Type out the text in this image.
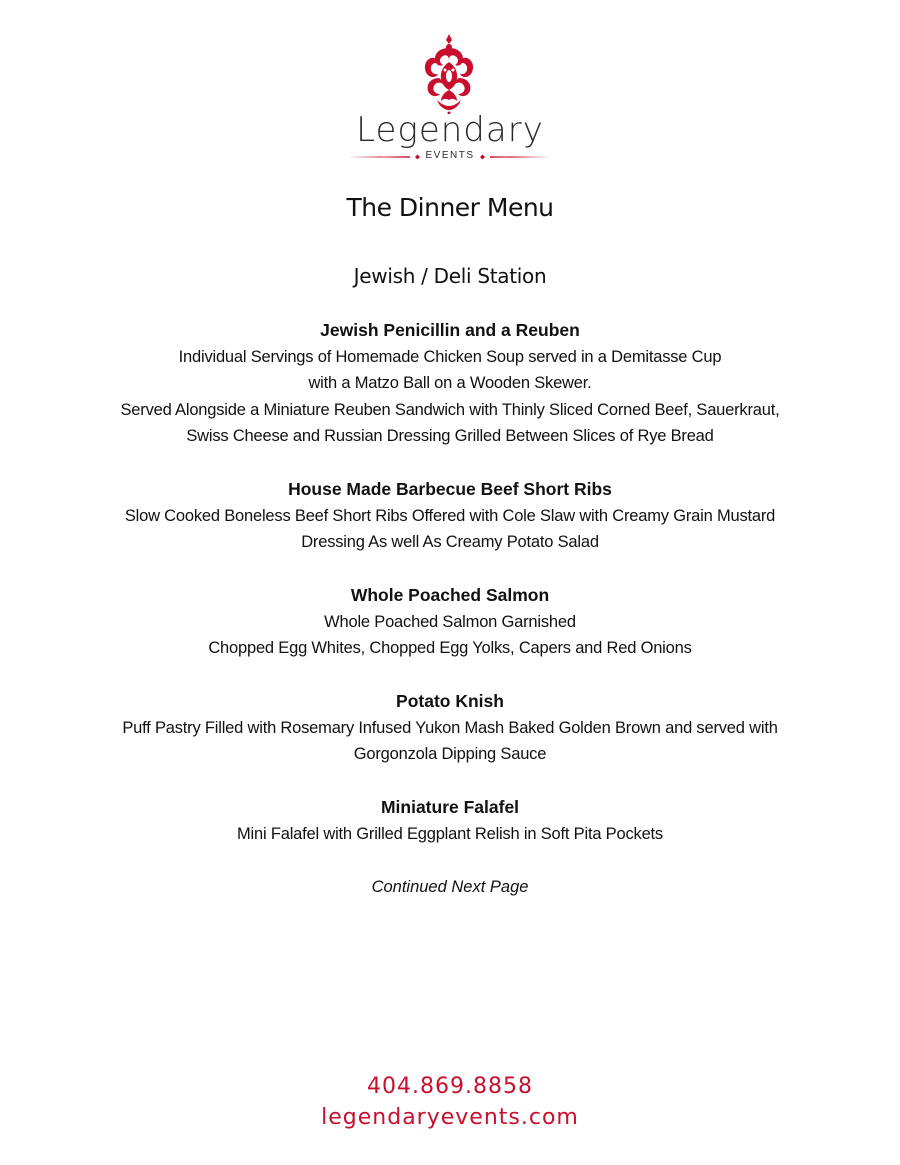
Legendary
EVENTS
The Dinner Menu
Jewish / Deli Station
Jewish Penicillin and a Reuben
Individual Servings of Homemade Chicken Soup served in a Demitasse Cup
with a Matzo Ball on a Wooden Skewer.
Served Alongside a Miniature Reuben Sandwich with Thinly Sliced Corned Beef, Sauerkraut,
Swiss Cheese and Russian Dressing Grilled Between Slices of Rye Bread
House Made Barbecue Beef Short Ribs
Slow Cooked Boneless Beef Short Ribs Offered with Cole Slaw with Creamy Grain Mustard
Dressing As well As Creamy Potato Salad
Whole Poached Salmon
Whole Poached Salmon Garnished
Chopped Egg Whites, Chopped Egg Yolks, Capers and Red Onions
Potato Knish
Puff Pastry Filled with Rosemary Infused Yukon Mash Baked Golden Brown and served with
Gorgonzola Dipping Sauce
Miniature Falafel
Mini Falafel with Grilled Eggplant Relish in Soft Pita Pockets
Continued Next Page
404.869.8858
legendaryevents.com
